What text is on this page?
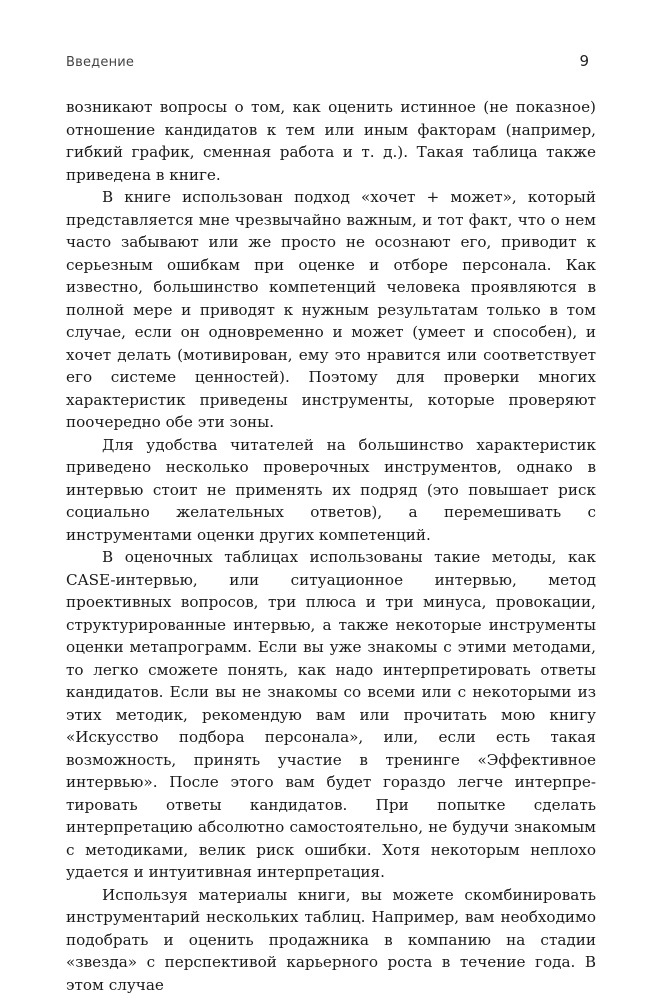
Введение	9

возникают вопросы о том, как оценить истинное (не показное) отношение кандидатов к тем или иным факторам (например, гибкий график, сменная работа и т. д.). Такая таблица также приведена в книге.

В книге использован подход «хочет + может», который представляется мне чрезвычайно важным, и тот факт, что о нем часто забывают или же просто не осознают его, приводит к серьезным ошибкам при оценке и отборе персонала. Как известно, большинство компетенций человека проявляются в полной мере и приводят к нужным результатам только в том случае, если он одновременно и может (умеет и способен), и хочет делать (мотивирован, ему это нравится или соответствует его системе ценностей). Поэтому для проверки многих характеристик приведены инструменты, которые проверяют поочередно обе эти зоны.

Для удобства читателей на большинство характеристик приведено несколько проверочных инструментов, однако в интервью стоит не применять их подряд (это повышает риск социально желательных ответов), а перемешивать с инструментами оценки других компетенций.

В оценочных таблицах использованы такие методы, как CASE-интервью, или ситуационное интервью, метод проективных вопросов, три плюса и три минуса, провокации, структурированные интервью, а также некоторые инструменты оценки метапрограмм. Если вы уже знакомы с этими методами, то легко сможете понять, как надо интерпретировать ответы кандидатов. Если вы не знакомы со всеми или с некоторыми из этих методик, рекомендую вам или прочитать мою книгу «Искусство подбора персонала», или, если есть такая возможность, принять участие в тренинге «Эффективное интервью». После этого вам будет гораздо легче интерпретировать ответы кандидатов. При попытке сделать интерпретацию абсолютно самостоятельно, не будучи знакомым с методиками, велик риск ошибки. Хотя некоторым неплохо удается и интуитивная интерпретация.

Используя материалы книги, вы можете скомбинировать инструментарий нескольких таблиц. Например, вам необходимо подобрать и оценить продажника в компанию на стадии «звезда» с перспективой карьерного роста в течение года. В этом случае
